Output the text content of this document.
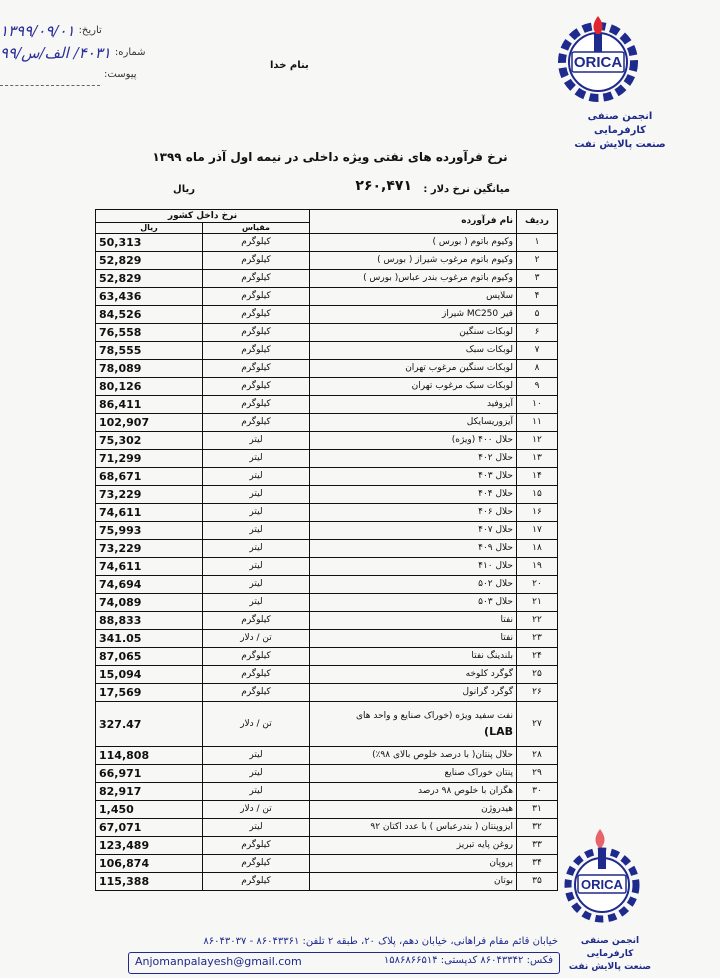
تاریخ:
۱۳۹۹/۰۹/۰۱
شماره:
۴۰۳۱/ الف/س/۹۹
پیوست:
بنام خدا	ORICA
انجمن صنفی کارفرمایی
صنعت پالایش نفت
نرخ فرآورده های نفتی ویژه داخلی در نیمه اول آذر ماه ۱۳۹۹
میانگین نرخ دلار :
۲۶۰,۴۷۱
ریال
ردیف	نام فرآورده	نرخ داخل کشور	
		مقیاس	ریال
۱	وکیوم باتوم ( بورس )	کیلوگرم	50,313
۲	وکیوم باتوم مرغوب شیراز ( بورس )	کیلوگرم	52,829
۳	وکیوم باتوم مرغوب بندر عباس( بورس )	کیلوگرم	52,829
۴	سلاپس	کیلوگرم	63,436
۵	قیر MC250 شیراز	کیلوگرم	84,526
۶	لوبکات سنگین	کیلوگرم	76,558
۷	لوبکات سبک	کیلوگرم	78,555
۸	لوبکات سنگین مرغوب تهران	کیلوگرم	78,089
۹	لوبکات سبک مرغوب تهران	کیلوگرم	80,126
۱۰	آیزوفید	کیلوگرم	86,411
۱۱	آیزوریسایکل	کیلوگرم	102,907
۱۲	حلال ۴۰۰ (ویژه)	لیتر	75,302
۱۳	حلال ۴۰۲	لیتر	71,299
۱۴	حلال ۴۰۳	لیتر	68,671
۱۵	حلال ۴۰۴	لیتر	73,229
۱۶	حلال ۴۰۶	لیتر	74,611
۱۷	حلال ۴۰۷	لیتر	75,993
۱۸	حلال ۴۰۹	لیتر	73,229
۱۹	حلال ۴۱۰	لیتر	74,611
۲۰	حلال ۵۰۲	لیتر	74,694
۲۱	حلال ۵۰۳	لیتر	74,089
۲۲	نفتا	کیلوگرم	88,833
۲۳	نفتا	تن / دلار	341.05
۲۴	بلندینگ نفتا	کیلوگرم	87,065
۲۵	گوگرد کلوخه	کیلوگرم	15,094
۲۶	گوگرد گرانول	کیلوگرم	17,569
۲۷	نفت سفید ویژه (خوراک صنایع و واحد های
LAB)	تن / دلار	327.47
۲۸	حلال پنتان( با درصد خلوص بالای ۹۸٪)	لیتر	114,808
۲۹	پنتان خوراک صنایع	لیتر	66,971
۳۰	هگزان با خلوص ۹۸ درصد	لیتر	82,917
۳۱	هیدروژن	تن / دلار	1,450
۳۲	ایزوپنتان ( بندرعباس ) با عدد اکتان ۹۲	لیتر	67,071
۳۳	روغن پایه تبریز	کیلوگرم	123,489
۳۴	پروپان	کیلوگرم	106,874
۳۵	بوتان	کیلوگرم	115,388	ORICA
انجمن صنفی کارفرمایی
صنعت پالایش نفت
خیابان قائم مقام فراهانی، خیابان دهم، پلاک ۲۰، طبقه ۲ تلفن: ۸۶۰۴۳۳۶۱ - ۸۶۰۴۳۰۳۷
Anjomanpalayesh@gmail.com	فکس: ۸۶۰۴۳۳۴۲ کدپستی: ۱۵۸۶۸۶۶۵۱۴
